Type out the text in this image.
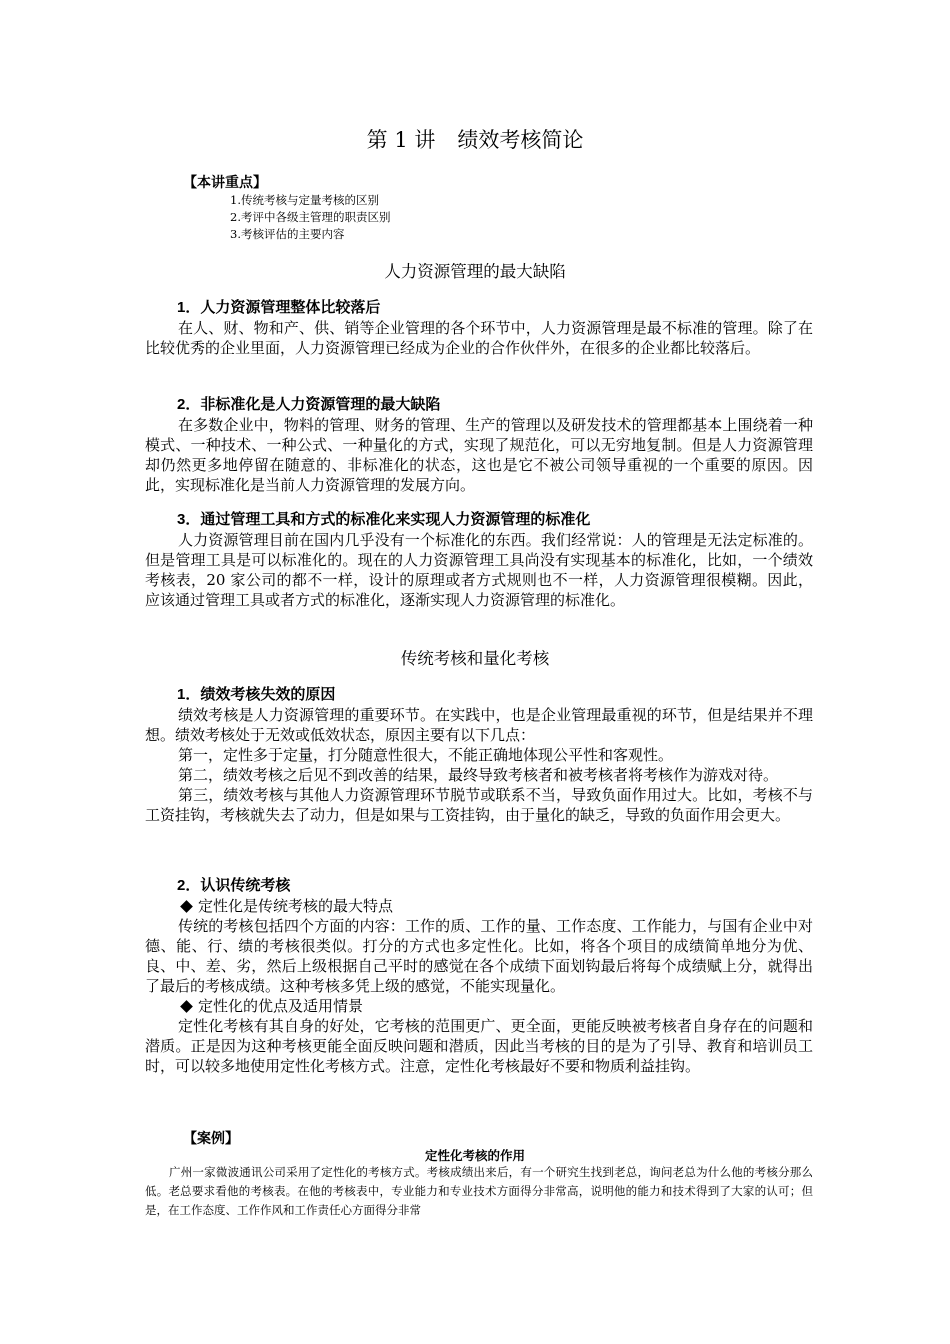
第 1 讲 绩效考核简论
【本讲重点】
1.传统考核与定量考核的区别
2.考评中各级主管理的职责区别
3.考核评估的主要内容
人力资源管理的最大缺陷
1．人力资源管理整体比较落后

在人、财、物和产、供、销等企业管理的各个环节中，人力资源管理是最不标准的管理。除了在比较优秀的企业里面，人力资源管理已经成为企业的合作伙伴外，在很多的企业都比较落后。

2．非标准化是人力资源管理的最大缺陷

在多数企业中，物料的管理、财务的管理、生产的管理以及研发技术的管理都基本上围绕着一种模式、一种技术、一种公式、一种量化的方式，实现了规范化，可以无穷地复制。但是人力资源管理却仍然更多地停留在随意的、非标准化的状态，这也是它不被公司领导重视的一个重要的原因。因此，实现标准化是当前人力资源管理的发展方向。

3．通过管理工具和方式的标准化来实现人力资源管理的标准化

人力资源管理目前在国内几乎没有一个标准化的东西。我们经常说：人的管理是无法定标准的。但是管理工具是可以标准化的。现在的人力资源管理工具尚没有实现基本的标准化，比如，一个绩效考核表，20 家公司的都不一样，设计的原理或者方式规则也不一样，人力资源管理很模糊。因此，应该通过管理工具或者方式的标准化，逐渐实现人力资源管理的标准化。

传统考核和量化考核
1．绩效考核失效的原因

绩效考核是人力资源管理的重要环节。在实践中，也是企业管理最重视的环节，但是结果并不理想。绩效考核处于无效或低效状态，原因主要有以下几点：

第一，定性多于定量，打分随意性很大，不能正确地体现公平性和客观性。

第二，绩效考核之后见不到改善的结果，最终导致考核者和被考核者将考核作为游戏对待。

第三，绩效考核与其他人力资源管理环节脱节或联系不当，导致负面作用过大。比如，考核不与工资挂钩，考核就失去了动力，但是如果与工资挂钩，由于量化的缺乏，导致的负面作用会更大。

2．认识传统考核
定性化是传统考核的最大特点

传统的考核包括四个方面的内容：工作的质、工作的量、工作态度、工作能力，与国有企业中对德、能、行、绩的考核很类似。打分的方式也多定性化。比如，将各个项目的成绩简单地分为优、良、中、差、劣，然后上级根据自己平时的感觉在各个成绩下面划钩最后将每个成绩赋上分，就得出了最后的考核成绩。这种考核多凭上级的感觉，不能实现量化。

定性化的优点及适用情景

定性化考核有其自身的好处，它考核的范围更广、更全面，更能反映被考核者自身存在的问题和潜质。正是因为这种考核更能全面反映问题和潜质，因此当考核的目的是为了引导、教育和培训员工时，可以较多地使用定性化考核方式。注意，定性化考核最好不要和物质利益挂钩。

【案例】
定性化考核的作用

广州一家微波通讯公司采用了定性化的考核方式。考核成绩出来后，有一个研究生找到老总，询问老总为什么他的考核分那么低。老总要求看他的考核表。在他的考核表中，专业能力和专业技术方面得分非常高，说明他的能力和技术得到了大家的认可；但是，在工作态度、工作作风和工作责任心方面得分非常
